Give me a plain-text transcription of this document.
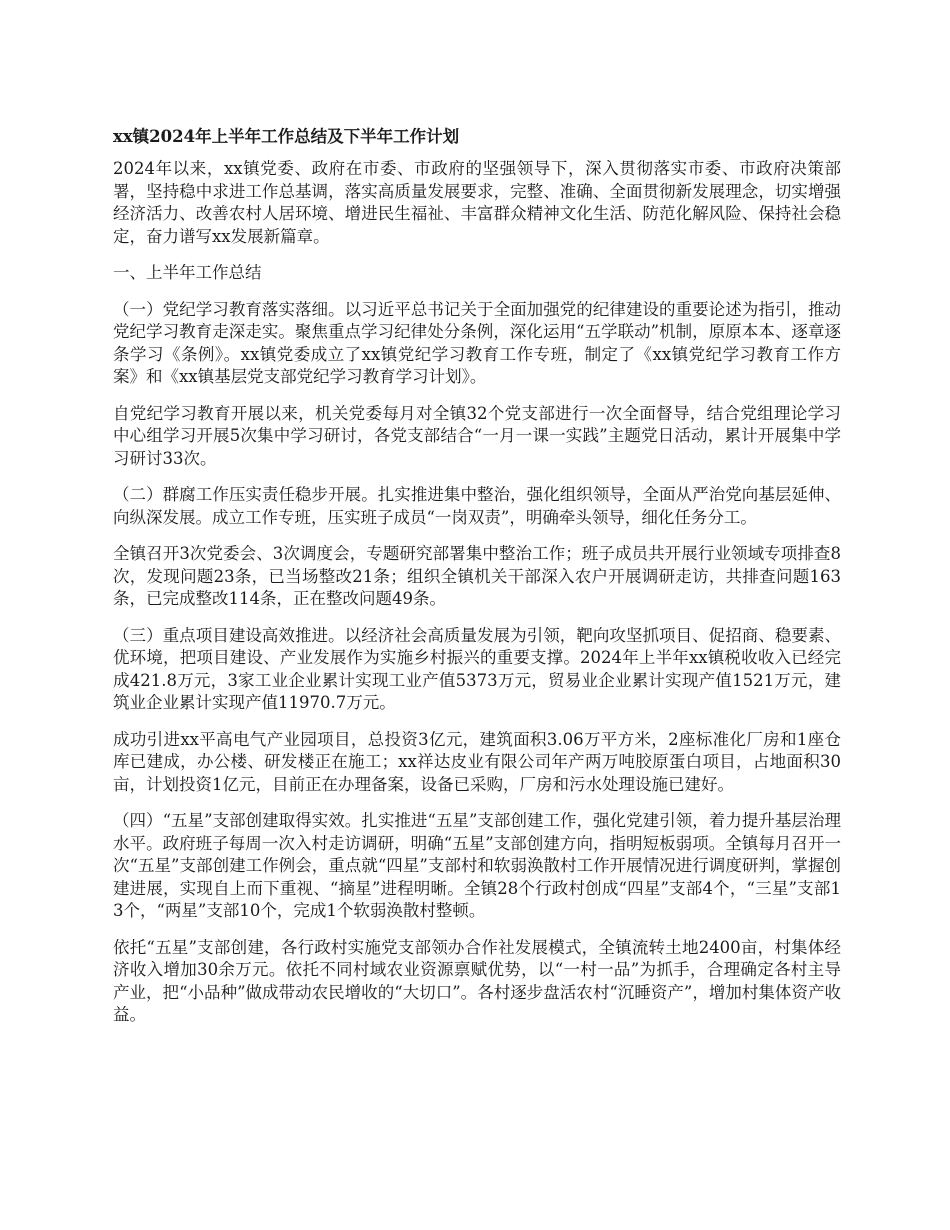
xx镇2024年上半年工作总结及下半年工作计划

2024年以来，xx镇党委、政府在市委、市政府的坚强领导下，深入贯彻落实市委、市政府决策部署，坚持稳中求进工作总基调，落实高质量发展要求，完整、准确、全面贯彻新发展理念，切实增强经济活力、改善农村人居环境、增进民生福祉、丰富群众精神文化生活、防范化解风险、保持社会稳定，奋力谱写xx发展新篇章。

一、上半年工作总结

（一）党纪学习教育落实落细。以习近平总书记关于全面加强党的纪律建设的重要论述为指引，推动党纪学习教育走深走实。聚焦重点学习纪律处分条例，深化运用“五学联动”机制，原原本本、逐章逐条学习《条例》。xx镇党委成立了xx镇党纪学习教育工作专班，制定了《xx镇党纪学习教育工作方案》和《xx镇基层党支部党纪学习教育学习计划》。

自党纪学习教育开展以来，机关党委每月对全镇32个党支部进行一次全面督导，结合党组理论学习中心组学习开展5次集中学习研讨，各党支部结合“一月一课一实践”主题党日活动，累计开展集中学习研讨33次。

（二）群腐工作压实责任稳步开展。扎实推进集中整治，强化组织领导，全面从严治党向基层延伸、向纵深发展。成立工作专班，压实班子成员“一岗双责”，明确牵头领导，细化任务分工。

全镇召开3次党委会、3次调度会，专题研究部署集中整治工作；班子成员共开展行业领域专项排查8次，发现问题23条，已当场整改21条；组织全镇机关干部深入农户开展调研走访，共排查问题163条，已完成整改114条，正在整改问题49条。

（三）重点项目建设高效推进。以经济社会高质量发展为引领，靶向攻坚抓项目、促招商、稳要素、优环境，把项目建设、产业发展作为实施乡村振兴的重要支撑。2024年上半年xx镇税收收入已经完成421.8万元，3家工业企业累计实现工业产值5373万元，贸易业企业累计实现产值1521万元，建筑业企业累计实现产值11970.7万元。

成功引进xx平高电气产业园项目，总投资3亿元，建筑面积3.06万平方米，2座标准化厂房和1座仓库已建成，办公楼、研发楼正在施工；xx祥达皮业有限公司年产两万吨胶原蛋白项目，占地面积30亩，计划投资1亿元，目前正在办理备案，设备已采购，厂房和污水处理设施已建好。

（四）“五星”支部创建取得实效。扎实推进“五星”支部创建工作，强化党建引领，着力提升基层治理水平。政府班子每周一次入村走访调研，明确“五星”支部创建方向，指明短板弱项。全镇每月召开一次“五星”支部创建工作例会，重点就“四星”支部村和软弱涣散村工作开展情况进行调度研判，掌握创建进展，实现自上而下重视、“摘星”进程明晰。全镇28个行政村创成“四星”支部4个，“三星”支部13个，“两星”支部10个，完成1个软弱涣散村整顿。

依托“五星”支部创建，各行政村实施党支部领办合作社发展模式，全镇流转土地2400亩，村集体经济收入增加30余万元。依托不同村域农业资源禀赋优势，以“一村一品”为抓手，合理确定各村主导产业，把“小品种”做成带动农民增收的“大切口”。各村逐步盘活农村“沉睡资产”，增加村集体资产收益。
